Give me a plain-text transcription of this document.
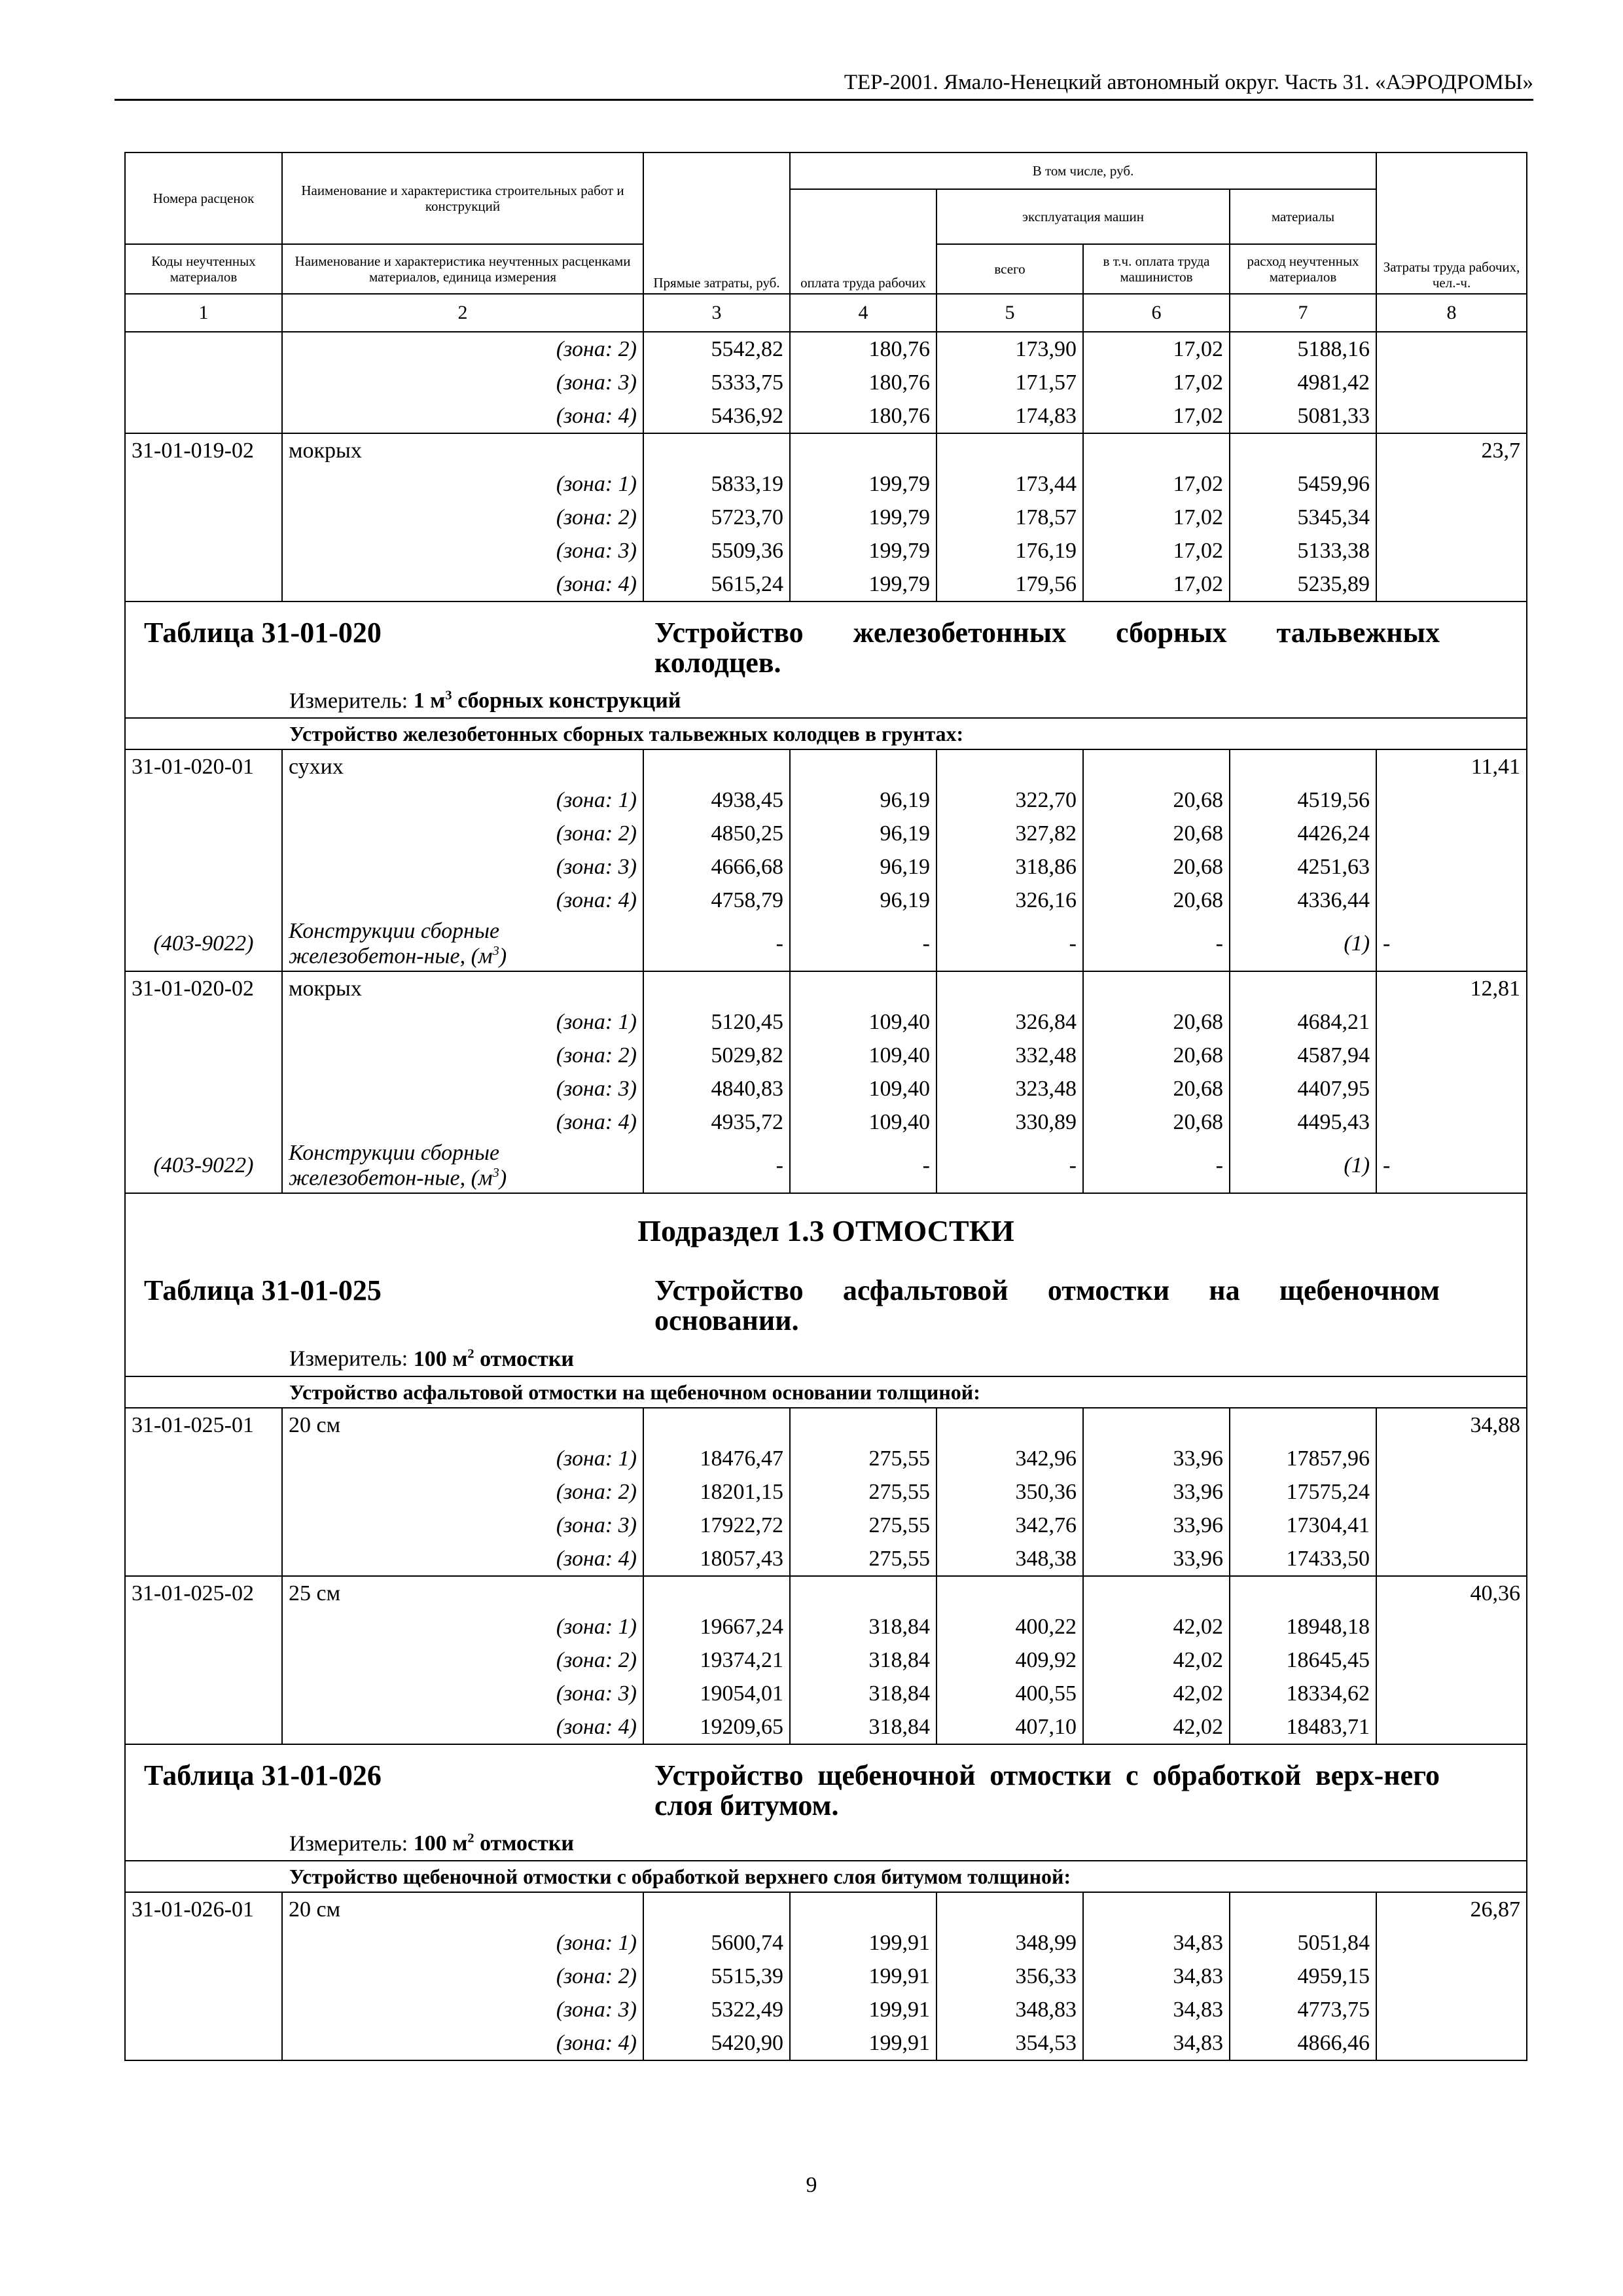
ТЕР-2001. Ямало-Ненецкий автономный округ. Часть 31. «АЭРОДРОМЫ»
Номера расценок	Наименование и характеристика строительных работ и конструкций	Прямые затраты, руб.	В том числе, руб.				Затраты труда рабочих, чел.-ч.
			оплата труда рабочих	эксплуатация машин		материалы	
Коды неучтенных материалов	Наименование и характеристика неучтенных расценками материалов, единица измерения			всего	в т.ч. оплата труда машинистов	расход неучтенных материалов	
1	2	3	4	5	6	7	8
	(зона: 2)	5542,82	180,76	173,90	17,02	5188,16	
	(зона: 3)	5333,75	180,76	171,57	17,02	4981,42	
	(зона: 4)	5436,92	180,76	174,83	17,02	5081,33	
31-01-019-02	мокрых						23,7
	(зона: 1)	5833,19	199,79	173,44	17,02	5459,96	
	(зона: 2)	5723,70	199,79	178,57	17,02	5345,34	
	(зона: 3)	5509,36	199,79	176,19	17,02	5133,38	
	(зона: 4)	5615,24	199,79	179,56	17,02	5235,89	

Таблица 31-01-020 Устройство железобетонных сборных тальвежных колодцев.
Измеритель: 1 $м^3$ сборных конструкций							

Устройство железобетонных сборных тальвежных колодцев в грунтах:							
31-01-020-01	сухих						11,41
	(зона: 1)	4938,45	96,19	322,70	20,68	4519,56	
	(зона: 2)	4850,25	96,19	327,82	20,68	4426,24	
	(зона: 3)	4666,68	96,19	318,86	20,68	4251,63	
	(зона: 4)	4758,79	96,19	326,16	20,68	4336,44	
(403-9022)	Конструкции сборные железобетон-ные, $(м^3)$	-	-	-	-	(1)	-
31-01-020-02	мокрых						12,81
	(зона: 1)	5120,45	109,40	326,84	20,68	4684,21	
	(зона: 2)	5029,82	109,40	332,48	20,68	4587,94	
	(зона: 3)	4840,83	109,40	323,48	20,68	4407,95	
	(зона: 4)	4935,72	109,40	330,89	20,68	4495,43	
(403-9022)	Конструкции сборные железобетон-ные, $(м^3)$	-	-	-	-	(1)	-

Подраздел 1.3 ОТМОСТКИ
Таблица 31-01-025 Устройство асфальтовой отмостки на щебеночном основании.
Измеритель: 100 $м^2$ отмостки							

Устройство асфальтовой отмостки на щебеночном основании толщиной:							
31-01-025-01	20 см						34,88
	(зона: 1)	18476,47	275,55	342,96	33,96	17857,96	
	(зона: 2)	18201,15	275,55	350,36	33,96	17575,24	
	(зона: 3)	17922,72	275,55	342,76	33,96	17304,41	
	(зона: 4)	18057,43	275,55	348,38	33,96	17433,50	
31-01-025-02	25 см						40,36
	(зона: 1)	19667,24	318,84	400,22	42,02	18948,18	
	(зона: 2)	19374,21	318,84	409,92	42,02	18645,45	
	(зона: 3)	19054,01	318,84	400,55	42,02	18334,62	
	(зона: 4)	19209,65	318,84	407,10	42,02	18483,71	

Таблица 31-01-026 Устройство щебеночной отмостки с обработкой верх-него слоя битумом.
Измеритель: 100 $м^2$ отмостки							

Устройство щебеночной отмостки с обработкой верхнего слоя битумом толщиной:							
31-01-026-01	20 см						26,87
	(зона: 1)	5600,74	199,91	348,99	34,83	5051,84	
	(зона: 2)	5515,39	199,91	356,33	34,83	4959,15	
	(зона: 3)	5322,49	199,91	348,83	34,83	4773,75	
	(зона: 4)	5420,90	199,91	354,53	34,83	4866,46	
9
